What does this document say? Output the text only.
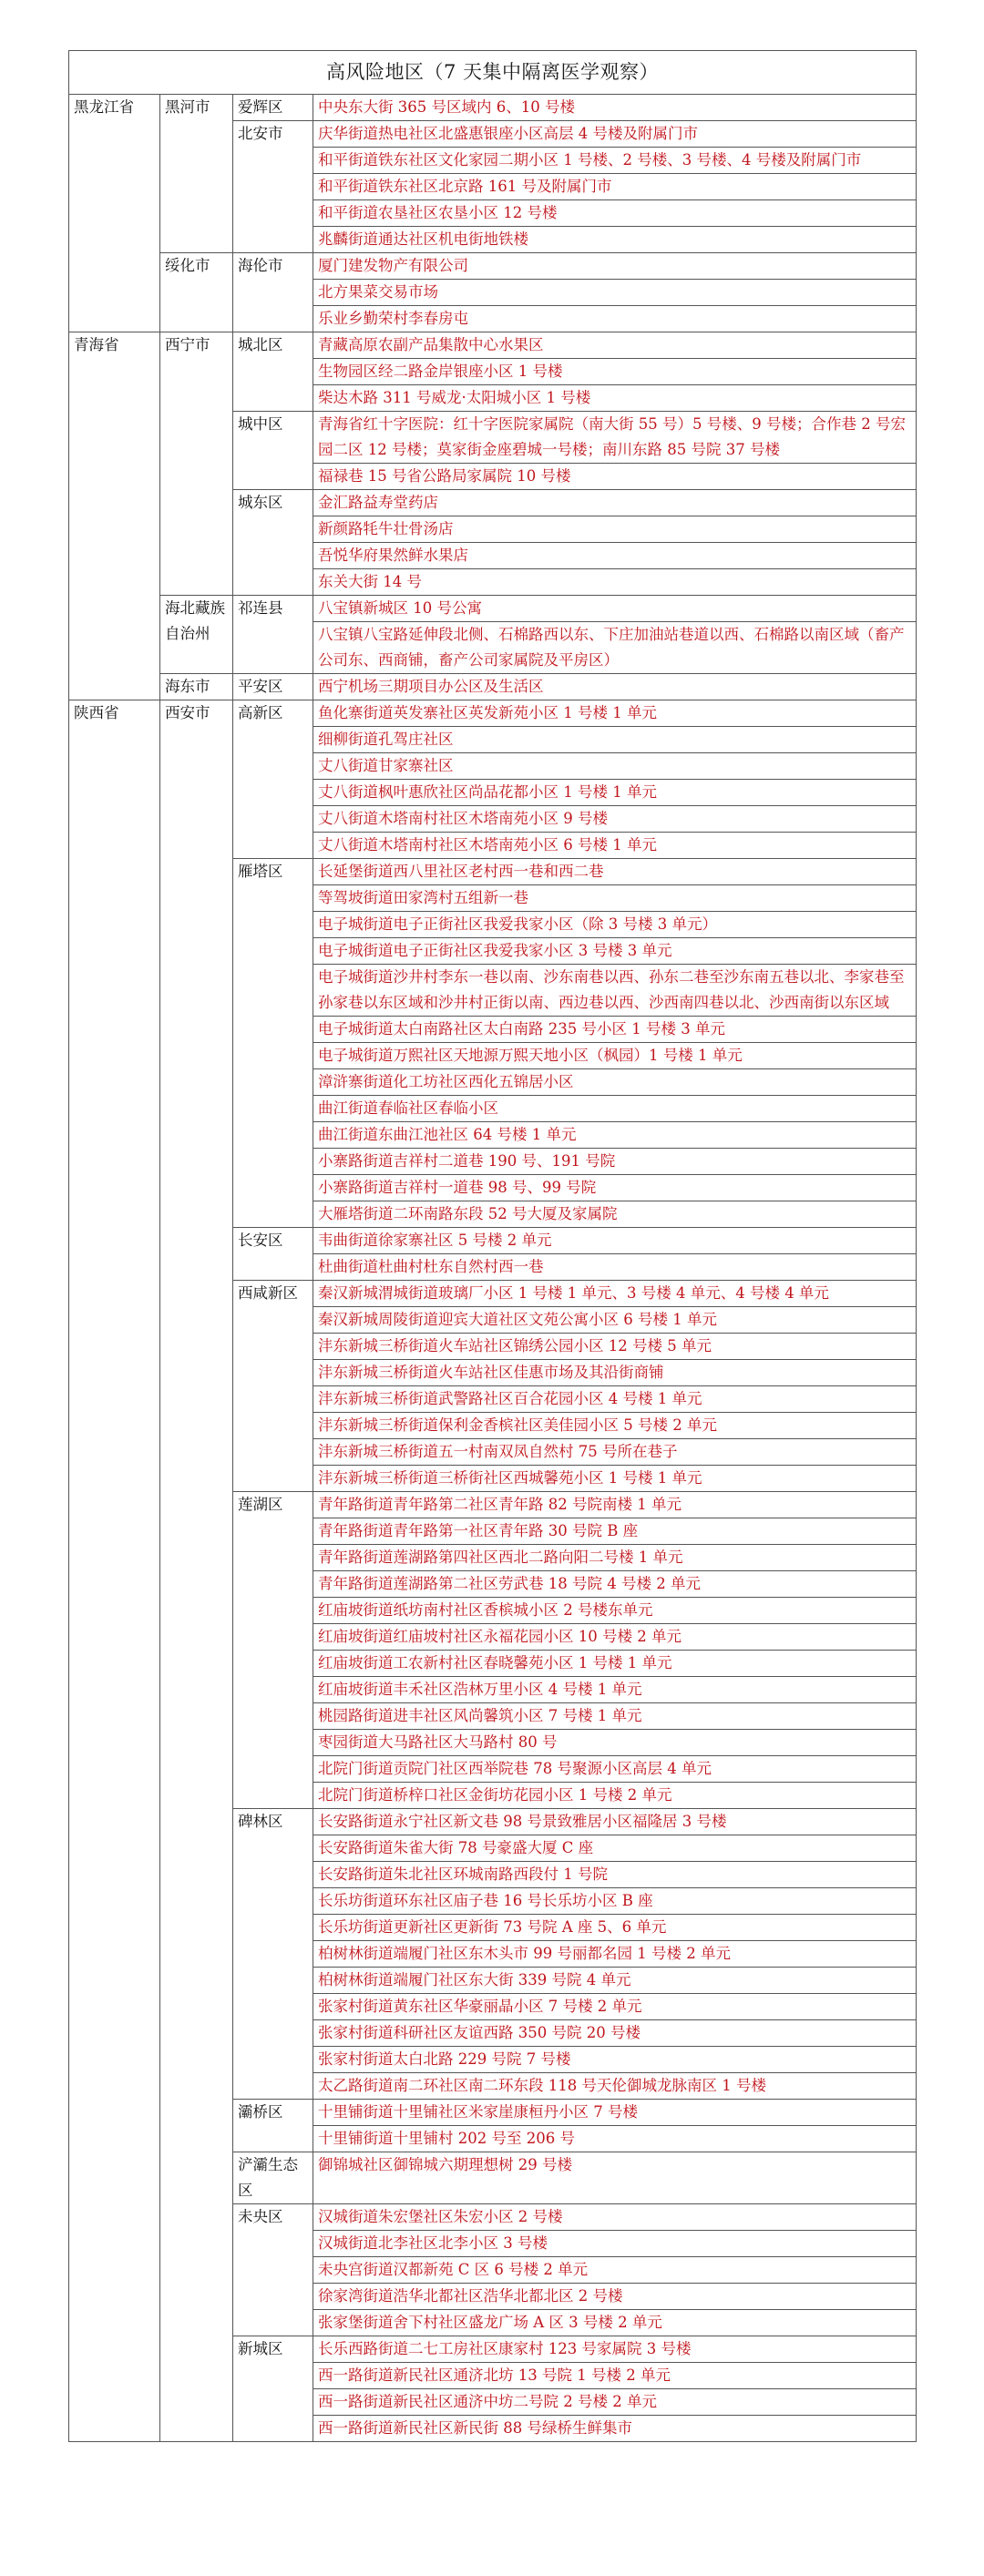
高风险地区（7 天集中隔离医学观察）			
黑龙江省	黑河市	爱辉区	中央东大街 365 号区域内 6、10 号楼
		北安市	庆华街道热电社区北盛惠银座小区高层 4 号楼及附属门市
			和平街道铁东社区文化家园二期小区 1 号楼、2 号楼、3 号楼、4 号楼及附属门市
			和平街道铁东社区北京路 161 号及附属门市
			和平街道农垦社区农垦小区 12 号楼
			兆麟街道通达社区机电街地铁楼
	绥化市	海伦市	厦门建发物产有限公司
			北方果菜交易市场
			乐业乡勤荣村李春房屯
青海省	西宁市	城北区	青藏高原农副产品集散中心水果区
			生物园区经二路金岸银座小区 1 号楼
			柴达木路 311 号威龙·太阳城小区 1 号楼
		城中区	青海省红十字医院：红十字医院家属院（南大街 55 号）5 号楼、9 号楼；合作巷 2 号宏园二区 12 号楼；莫家街金座碧城一号楼；南川东路 85 号院 37 号楼
			福禄巷 15 号省公路局家属院 10 号楼
		城东区	金汇路益寿堂药店
			新颜路牦牛壮骨汤店
			吾悦华府果然鲜水果店
			东关大街 14 号
	海北藏族自治州	祁连县	八宝镇新城区 10 号公寓
			八宝镇八宝路延伸段北侧、石棉路西以东、下庄加油站巷道以西、石棉路以南区域（畜产公司东、西商铺，畜产公司家属院及平房区）
	海东市	平安区	西宁机场三期项目办公区及生活区
陕西省	西安市	高新区	鱼化寨街道英发寨社区英发新苑小区 1 号楼 1 单元
			细柳街道孔驾庄社区
			丈八街道甘家寨社区
			丈八街道枫叶惠欣社区尚品花都小区 1 号楼 1 单元
			丈八街道木塔南村社区木塔南苑小区 9 号楼
			丈八街道木塔南村社区木塔南苑小区 6 号楼 1 单元
		雁塔区	长延堡街道西八里社区老村西一巷和西二巷
			等驾坡街道田家湾村五组新一巷
			电子城街道电子正街社区我爱我家小区（除 3 号楼 3 单元）
			电子城街道电子正街社区我爱我家小区 3 号楼 3 单元
			电子城街道沙井村李东一巷以南、沙东南巷以西、孙东二巷至沙东南五巷以北、李家巷至孙家巷以东区域和沙井村正街以南、西边巷以西、沙西南四巷以北、沙西南街以东区域
			电子城街道太白南路社区太白南路 235 号小区 1 号楼 3 单元
			电子城街道万熙社区天地源万熙天地小区（枫园）1 号楼 1 单元
			漳浒寨街道化工坊社区西化五锦居小区
			曲江街道春临社区春临小区
			曲江街道东曲江池社区 64 号楼 1 单元
			小寨路街道吉祥村二道巷 190 号、191 号院
			小寨路街道吉祥村一道巷 98 号、99 号院
			大雁塔街道二环南路东段 52 号大厦及家属院
		长安区	韦曲街道徐家寨社区 5 号楼 2 单元
			杜曲街道杜曲村杜东自然村西一巷
		西咸新区	秦汉新城渭城街道玻璃厂小区 1 号楼 1 单元、3 号楼 4 单元、4 号楼 4 单元
			秦汉新城周陵街道迎宾大道社区文苑公寓小区 6 号楼 1 单元
			沣东新城三桥街道火车站社区锦绣公园小区 12 号楼 5 单元
			沣东新城三桥街道火车站社区佳惠市场及其沿街商铺
			沣东新城三桥街道武警路社区百合花园小区 4 号楼 1 单元
			沣东新城三桥街道保利金香槟社区美佳园小区 5 号楼 2 单元
			沣东新城三桥街道五一村南双凤自然村 75 号所在巷子
			沣东新城三桥街道三桥街社区西城馨苑小区 1 号楼 1 单元
		莲湖区	青年路街道青年路第二社区青年路 82 号院南楼 1 单元
			青年路街道青年路第一社区青年路 30 号院 B 座
			青年路街道莲湖路第四社区西北二路向阳二号楼 1 单元
			青年路街道莲湖路第二社区劳武巷 18 号院 4 号楼 2 单元
			红庙坡街道纸坊南村社区香槟城小区 2 号楼东单元
			红庙坡街道红庙坡村社区永福花园小区 10 号楼 2 单元
			红庙坡街道工农新村社区春晓馨苑小区 1 号楼 1 单元
			红庙坡街道丰禾社区浩林万里小区 4 号楼 1 单元
			桃园路街道进丰社区风尚馨筑小区 7 号楼 1 单元
			枣园街道大马路社区大马路村 80 号
			北院门街道贡院门社区西举院巷 78 号聚源小区高层 4 单元
			北院门街道桥梓口社区金街坊花园小区 1 号楼 2 单元
		碑林区	长安路街道永宁社区新文巷 98 号景致雅居小区福隆居 3 号楼
			长安路街道朱雀大街 78 号豪盛大厦 C 座
			长安路街道朱北社区环城南路西段付 1 号院
			长乐坊街道环东社区庙子巷 16 号长乐坊小区 B 座
			长乐坊街道更新社区更新街 73 号院 A 座 5、6 单元
			柏树林街道端履门社区东木头市 99 号丽都名园 1 号楼 2 单元
			柏树林街道端履门社区东大街 339 号院 4 单元
			张家村街道黄东社区华豪丽晶小区 7 号楼 2 单元
			张家村街道科研社区友谊西路 350 号院 20 号楼
			张家村街道太白北路 229 号院 7 号楼
			太乙路街道南二环社区南二环东段 118 号天伦御城龙脉南区 1 号楼
		灞桥区	十里铺街道十里铺社区米家崖康桓丹小区 7 号楼
			十里铺街道十里铺村 202 号至 206 号
		浐灞生态区	御锦城社区御锦城六期理想树 29 号楼
		未央区	汉城街道朱宏堡社区朱宏小区 2 号楼
			汉城街道北李社区北李小区 3 号楼
			未央宫街道汉都新苑 C 区 6 号楼 2 单元
			徐家湾街道浩华北都社区浩华北都北区 2 号楼
			张家堡街道舍下村社区盛龙广场 A 区 3 号楼 2 单元
		新城区	长乐西路街道二七工房社区康家村 123 号家属院 3 号楼
			西一路街道新民社区通济北坊 13 号院 1 号楼 2 单元
			西一路街道新民社区通济中坊二号院 2 号楼 2 单元
			西一路街道新民社区新民街 88 号绿桥生鲜集市
